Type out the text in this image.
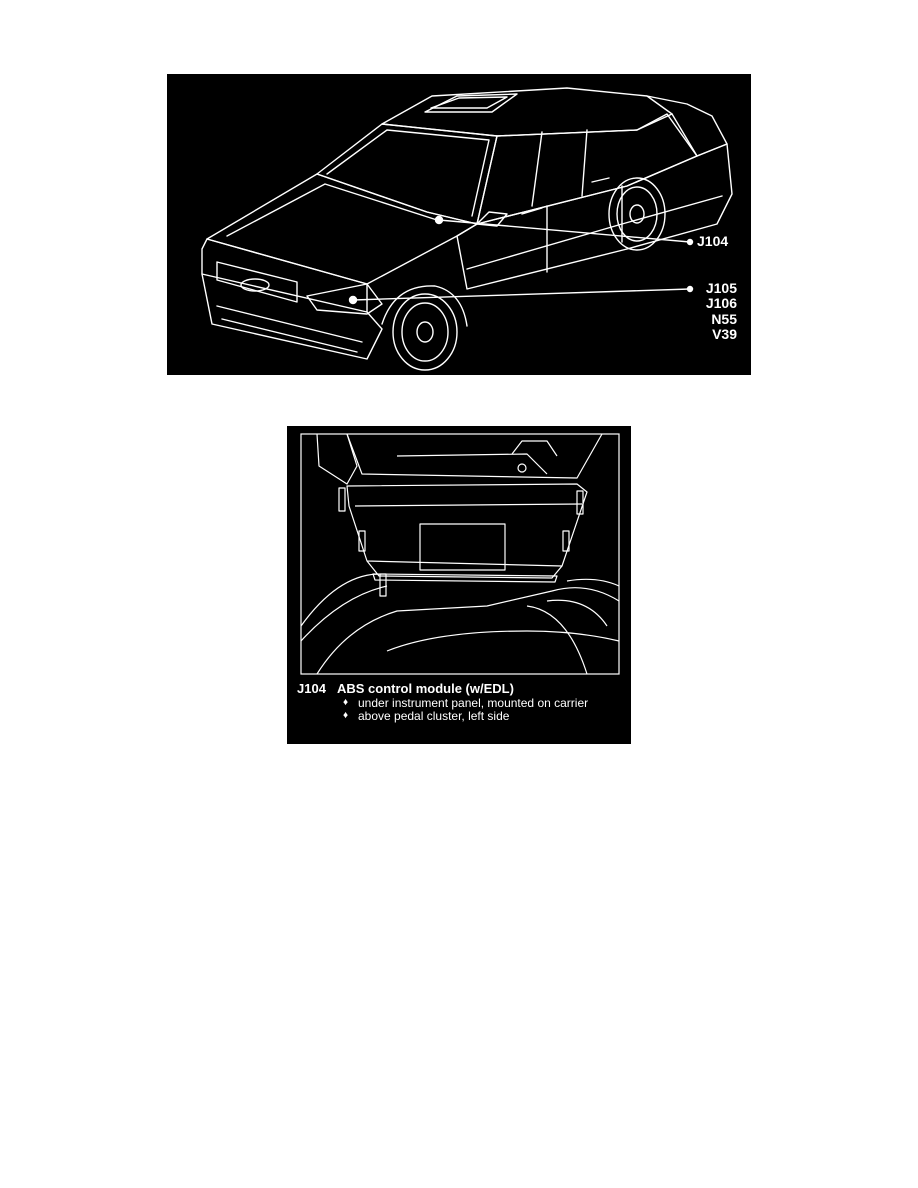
J104
J105
J106
N55
V39
J104 ABS control module (w/EDL)
♦ under instrument panel, mounted on carrier
♦ above pedal cluster, left side
